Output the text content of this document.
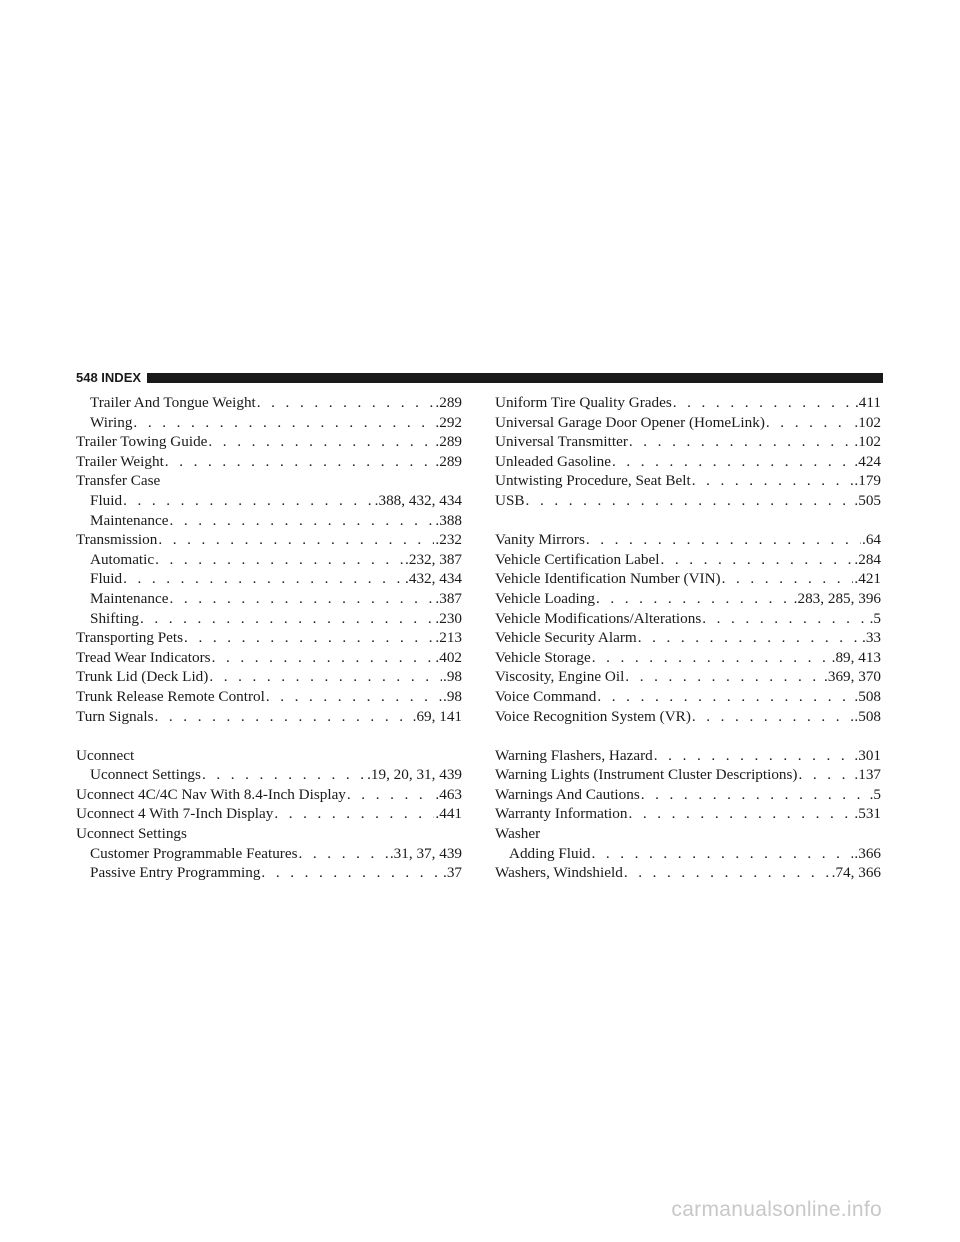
548 INDEX
Trailer And Tongue Weight . . .	.289
Wiring . . .	.292
Trailer Towing Guide . . .	.289
Trailer Weight . . .	.289
Transfer Case
Fluid . . .	.388, 432, 434
Maintenance . . .	.388
Transmission . . .	.232
Automatic . . .	.232, 387
Fluid . . .	.432, 434
Maintenance . . .	.387
Shifting . . .	.230
Transporting Pets . . .	.213
Tread Wear Indicators . . .	.402
Trunk Lid (Deck Lid) . . .	.98
Trunk Release Remote Control . . .	.98
Turn Signals . . .	.69, 141
Uconnect
Uconnect Settings . . .	.19, 20, 31, 439
Uconnect 4C/4C Nav With 8.4-Inch Display . . .	.463
Uconnect 4 With 7-Inch Display . . .	.441
Uconnect Settings
Customer Programmable Features . . .	.31, 37, 439
Passive Entry Programming . . .	.37
Uniform Tire Quality Grades . . .	.411
Universal Garage Door Opener (HomeLink) . . .	.102
Universal Transmitter . . .	.102
Unleaded Gasoline . . .	.424
Untwisting Procedure, Seat Belt . . .	.179
USB . . .	.505
Vanity Mirrors . . .	.64
Vehicle Certification Label . . .	.284
Vehicle Identification Number (VIN) . . .	.421
Vehicle Loading . . .	.283, 285, 396
Vehicle Modifications/Alterations . . .	.5
Vehicle Security Alarm . . .	.33
Vehicle Storage . . .	.89, 413
Viscosity, Engine Oil . . .	.369, 370
Voice Command . . .	.508
Voice Recognition System (VR) . . .	.508
Warning Flashers, Hazard . . .	.301
Warning Lights (Instrument Cluster Descriptions) . . .	.137
Warnings And Cautions . . .	.5
Warranty Information . . .	.531
Washer
Adding Fluid . . .	.366
Washers, Windshield . . .	.74, 366
carmanualsonline.info
